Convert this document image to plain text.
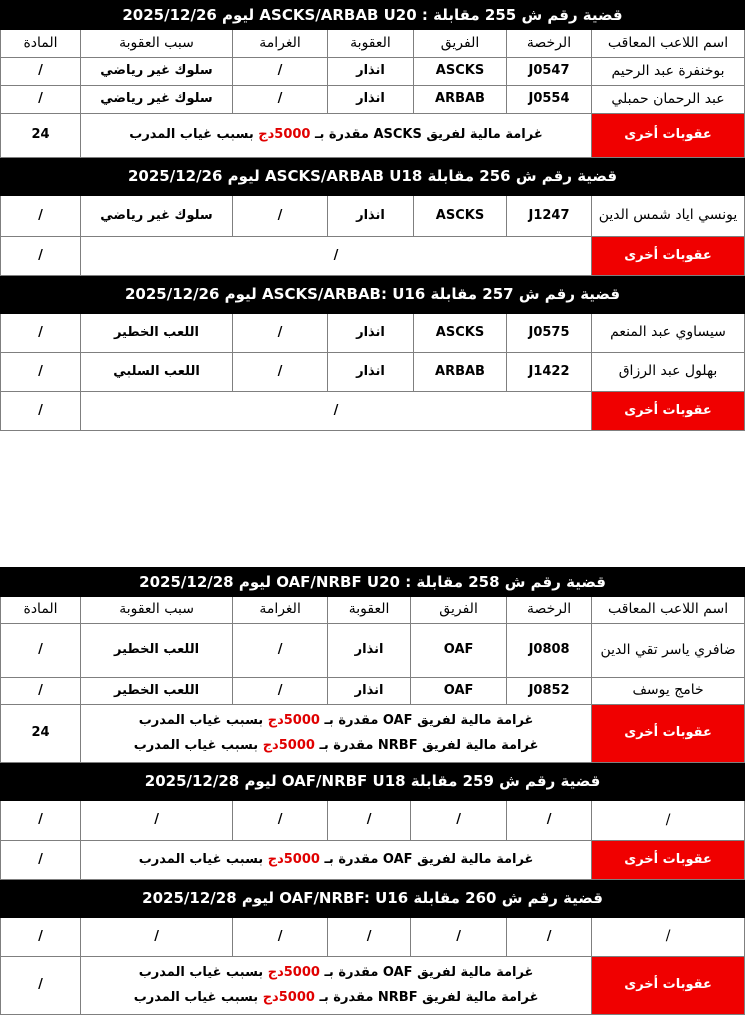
قضية رقم ش 255 مقابلة : ASCKS/ARBAB U20 ليوم 2025/12/26						
اسم اللاعب المعاقب	الرخصة	الفريق	العقوبة	الغرامة	سبب العقوبة	المادة
بوخنفرة عبد الرحيم	J0547	ASCKS	انذار	/	سلوك غير رياضي	/
عبد الرحمان حمبلي	J0554	ARBAB	انذار	/	سلوك غير رياضي	/
عقوبات أخرى	غرامة مالية لفريق ASCKS مقدرة بـ 5000دج بسبب غياب المدرب					24
قضية رقم ش 256 مقابلة ASCKS/ARBAB U18 ليوم 2025/12/26						
يونسي اياد شمس الدين	J1247	ASCKS	انذار	/	سلوك غير رياضي	/
عقوبات أخرى	/					/
قضية رقم ش 257 مقابلة ASCKS/ARBAB: U16 ليوم 2025/12/26						
سيساوي عبد المنعم	J0575	ASCKS	انذار	/	اللعب الخطير	/
بهلول عبد الرزاق	J1422	ARBAB	انذار	/	اللعب السلبي	/
عقوبات أخرى	/					/
قضية رقم ش 258 مقابلة : OAF/NRBF U20 ليوم 2025/12/28						
اسم اللاعب المعاقب	الرخصة	الفريق	العقوبة	الغرامة	سبب العقوبة	المادة
ضافري ياسر تقي الدين	J0808	OAF	انذار	/	اللعب الخطير	/
خامج يوسف	J0852	OAF	انذار	/	اللعب الخطير	/
عقوبات أخرى	غرامة مالية لفريق OAF مقدرة بـ 5000دج بسبب غياب المدرب
غرامة مالية لفريق NRBF مقدرة بـ 5000دج بسبب غياب المدرب					24
قضية رقم ش 259 مقابلة OAF/NRBF U18 ليوم 2025/12/28						
/	/	/	/	/	/	/
عقوبات أخرى	غرامة مالية لفريق OAF مقدرة بـ 5000دج بسبب غياب المدرب					/
قضية رقم ش 260 مقابلة OAF/NRBF: U16 ليوم 2025/12/28						
/	/	/	/	/	/	/
عقوبات أخرى	غرامة مالية لفريق OAF مقدرة بـ 5000دج بسبب غياب المدرب
غرامة مالية لفريق NRBF مقدرة بـ 5000دج بسبب غياب المدرب					/
